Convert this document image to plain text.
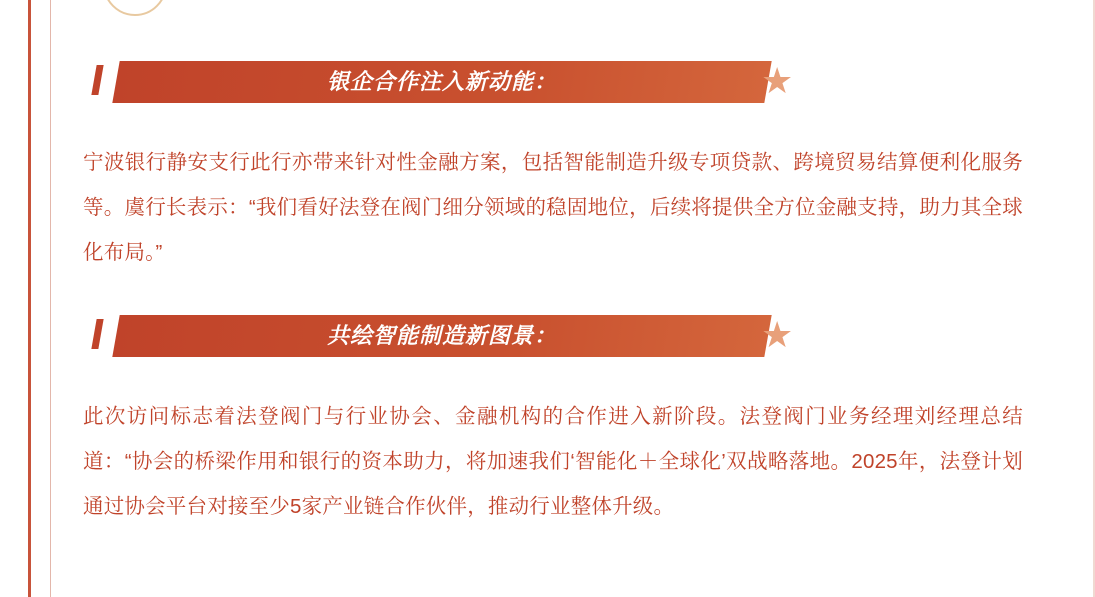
银企合作注入新动能：	★
宁波银行静安支行此行亦带来针对性金融方案，包括智能制造升级专项贷款、跨境贸易结算便利化服务等。虞行长表示：“我们看好法登在阀门细分领域的稳固地位，后续将提供全方位金融支持，助力其全球化布局。”
共绘智能制造新图景：	★
此次访问标志着法登阀门与行业协会、金融机构的合作进入新阶段。法登阀门业务经理刘经理总结道：“协会的桥梁作用和银行的资本助力，将加速我们‘智能化＋全球化’双战略落地。2025年，法登计划通过协会平台对接至少5家产业链合作伙伴，推动行业整体升级。
